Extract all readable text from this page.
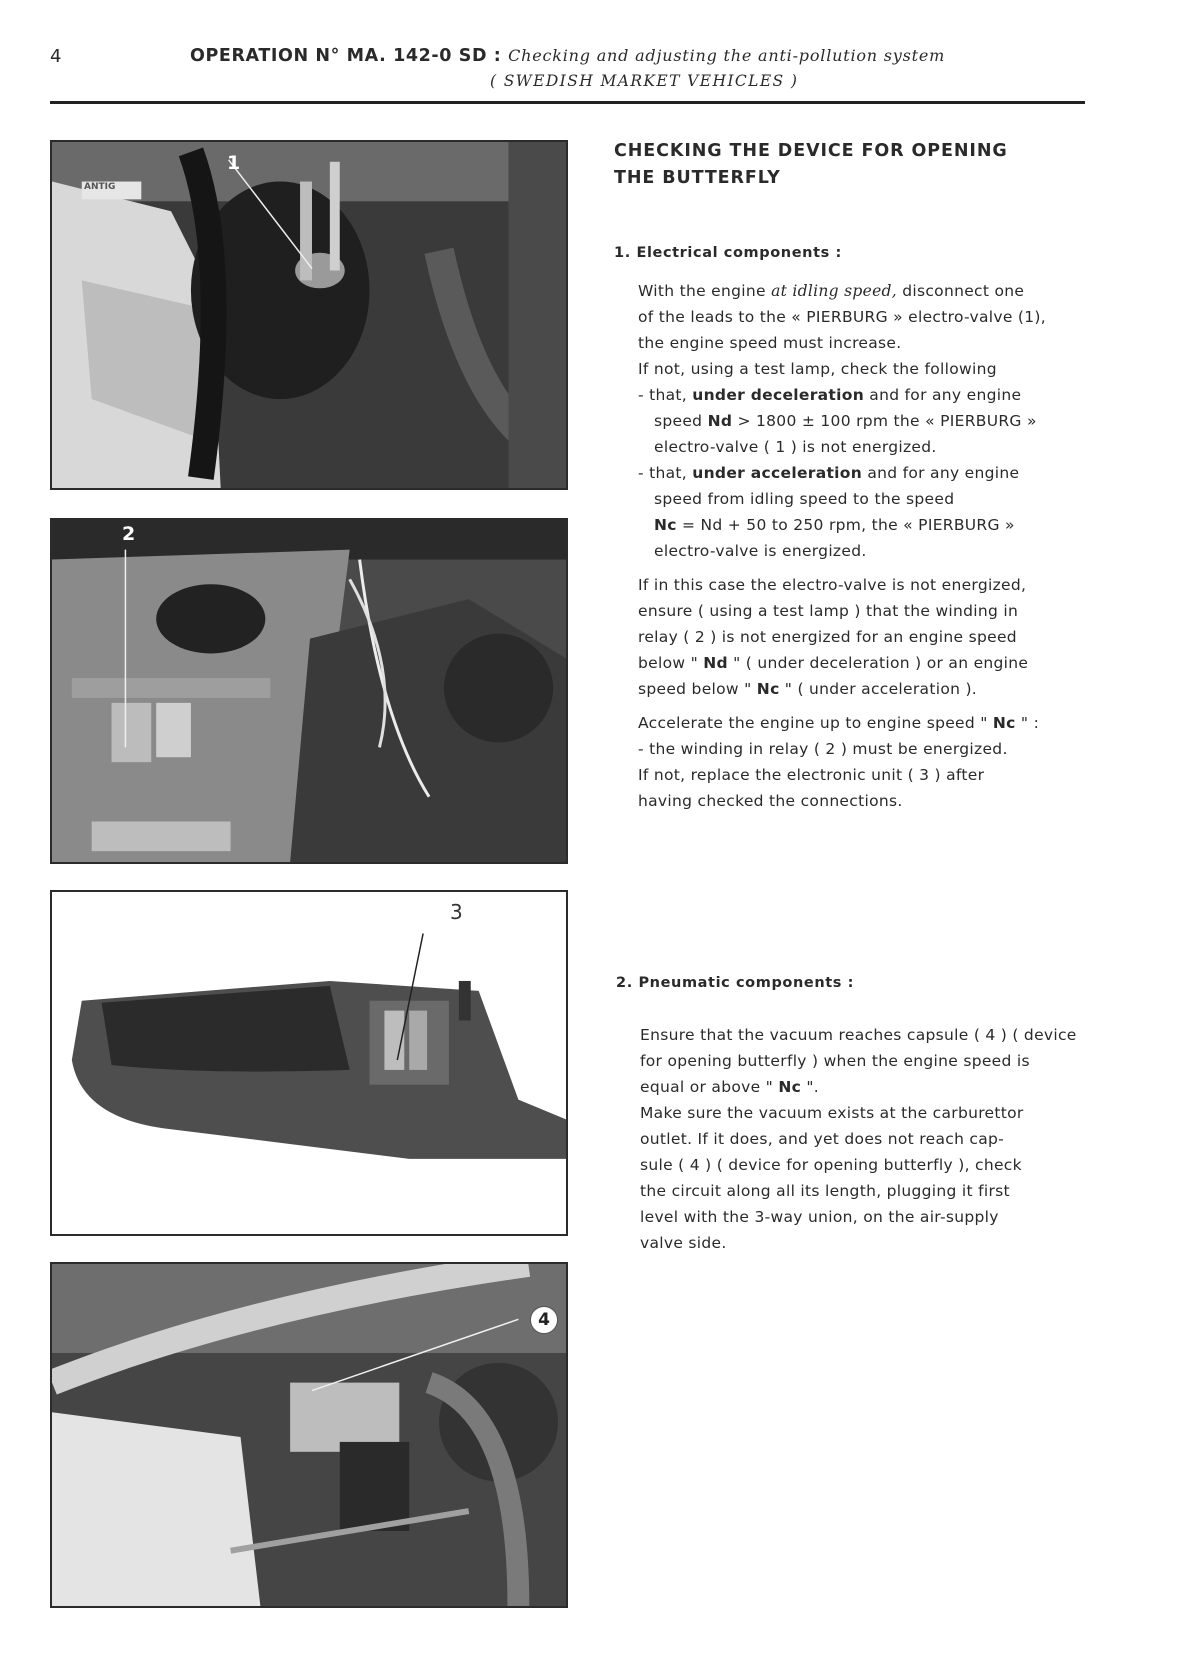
4	OPERATION N° MA. 142-0 SD : Checking and adjusting the anti-pollution system
( SWEDISH MARKET VEHICLES )
1
ANTIG
2
3
4
CHECKING THE DEVICE FOR OPENING THE BUTTERFLY
1. Electrical components :

With the engine at idling speed, disconnect one

of the leads to the « PIERBURG » electro-valve (1),

the engine speed must increase.

If not, using a test lamp, check the following

- that, under deceleration and for any engine

speed Nd > 1800 ± 100 rpm the « PIERBURG »

electro-valve ( 1 ) is not energized.

- that, under acceleration and for any engine

speed from idling speed to the speed

Nc = Nd + 50 to 250 rpm, the « PIERBURG »

electro-valve is energized.

If in this case the electro-valve is not energized,

ensure ( using a test lamp ) that the winding in

relay ( 2 ) is not energized for an engine speed

below " Nd " ( under deceleration ) or an engine

speed below " Nc " ( under acceleration ).

Accelerate the engine up to engine speed " Nc " :

- the winding in relay ( 2 ) must be energized.

If not, replace the electronic unit ( 3 ) after

having checked the connections.

2. Pneumatic components :

Ensure that the vacuum reaches capsule ( 4 ) ( device

for opening butterfly ) when the engine speed is

equal or above " Nc ".

Make sure the vacuum exists at the carburettor

outlet. If it does, and yet does not reach cap-

sule ( 4 ) ( device for opening butterfly ), check

the circuit along all its length, plugging it first

level with the 3-way union, on the air-supply

valve side.
